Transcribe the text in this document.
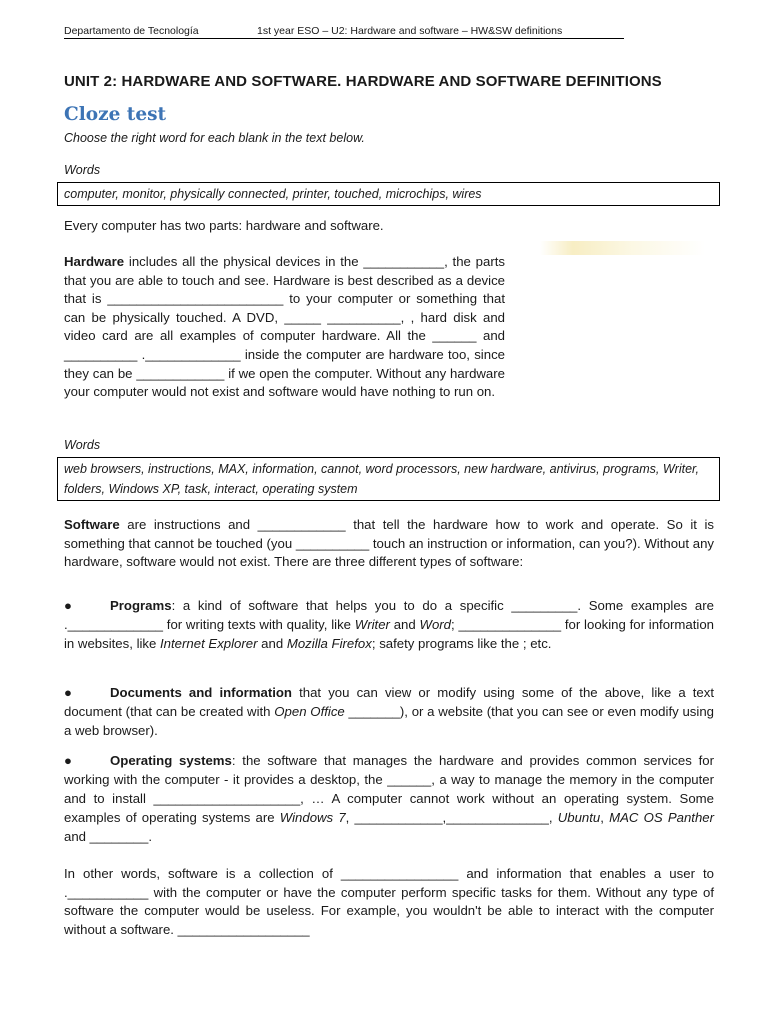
Departamento de Tecnología	1st year ESO – U2: Hardware and software – HW&SW definitions
UNIT 2: HARDWARE AND SOFTWARE. HARDWARE AND SOFTWARE DEFINITIONS
Cloze test
Choose the right word for each blank in the text below.
Words
computer, monitor, physically connected, printer, touched, microchips, wires
Every computer has two parts: hardware and software.
Hardware includes all the physical devices in the ___________, the parts that you are able to touch and see. Hardware is best described as a device that is ________________________ to your computer or something that can be physically touched. A DVD, _____ __________, , hard disk and video card are all examples of computer hardware. All the ______ and __________ ._____________ inside the computer are hardware too, since they can be ____________ if we open the computer. Without any hardware your computer would not exist and software would have nothing to run on.
Words
web browsers, instructions, MAX, information, cannot, word processors, new hardware, antivirus, programs, Writer, folders, Windows XP, task, interact, operating system
Software are instructions and ____________ that tell the hardware how to work and operate. So it is something that cannot be touched (you __________ touch an instruction or information, can you?). Without any hardware, software would not exist. There are three different types of software:
●	Programs: a kind of software that helps you to do a specific _________. Some examples are ._____________ for writing texts with quality, like Writer and Word; ______________ for looking for information in websites, like Internet Explorer and Mozilla Firefox; safety programs like the ; etc.
●	Documents and information that you can view or modify using some of the above, like a text document (that can be created with Open Office _______), or a website (that you can see or even modify using a web browser).
●	Operating systems: the software that manages the hardware and provides common services for working with the computer - it provides a desktop, the ______, a way to manage the memory in the computer and to install ____________________, … A computer cannot work without an operating system. Some examples of operating systems are Windows 7, ____________,______________, Ubuntu, MAC OS Panther and ________.
In other words, software is a collection of ________________ and information that enables a user to .___________ with the computer or have the computer perform specific tasks for them. Without any type of software the computer would be useless. For example, you wouldn't be able to interact with the computer without a software. __________________
